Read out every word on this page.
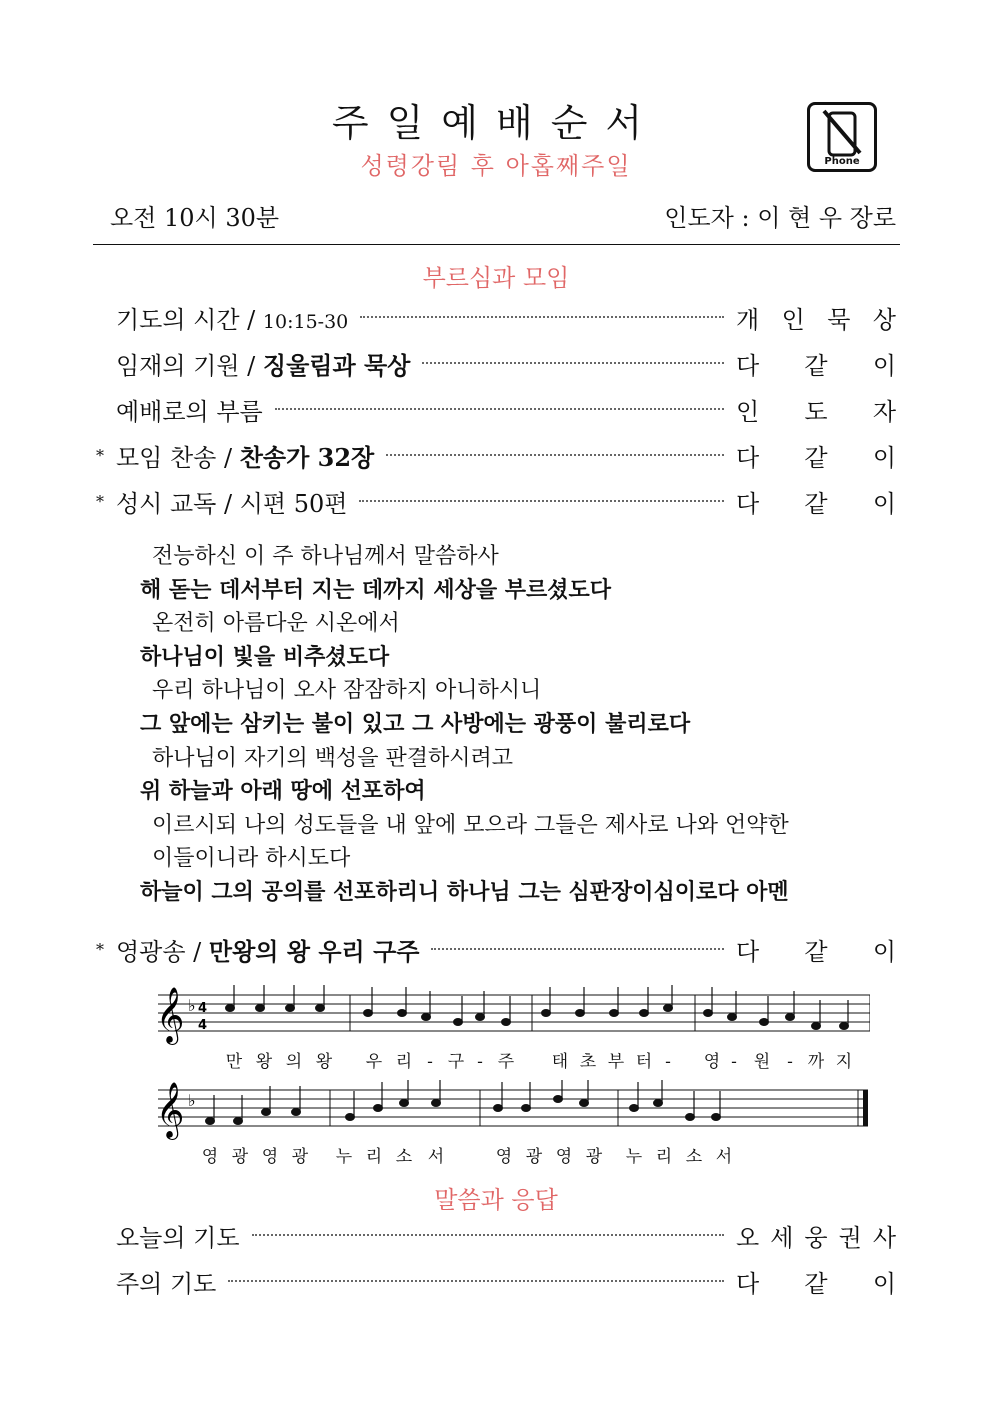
주일예배순서
성령강림 후 아홉째주일	Phone
오전 10시 30분	인도자 : 이 현 우 장로
부르심과 모임
기도의 시간 / 10:15-30	개 인 묵 상
임재의 기원 / 징울림과 묵상	다 같 이
예배로의 부름	인 도 자
* 모임 찬송 / 찬송가 32장	다 같 이
* 성시 교독 / 시편 50편	다 같 이
전능하신 이 주 하나님께서 말씀하사
해 돋는 데서부터 지는 데까지 세상을 부르셨도다
온전히 아름다운 시온에서
하나님이 빛을 비추셨도다
우리 하나님이 오사 잠잠하지 아니하시니
그 앞에는 삼키는 불이 있고 그 사방에는 광풍이 불리로다
하나님이 자기의 백성을 판결하시려고
위 하늘과 아래 땅에 선포하여
이르시되 나의 성도들을 내 앞에 모으라 그들은 제사로 나와 언약한
이들이니라 하시도다
하늘이 그의 공의를 선포하리니 하나님 그는 심판장이심이로다 아멘
* 영광송 / 만왕의 왕 우리 구주	다 같 이
𝄞 ♭ 4
4
만 왕 의 왕 우 리 - 구 - 주 태 초 부 터 - 영 - 원 - 까 지
𝄞 ♭
영 광 영 광 누 리 소 서	영 광 영 광 누 리 소 서
말씀과 응답
오늘의 기도	오 세 웅 권 사
주의 기도	다 같 이
